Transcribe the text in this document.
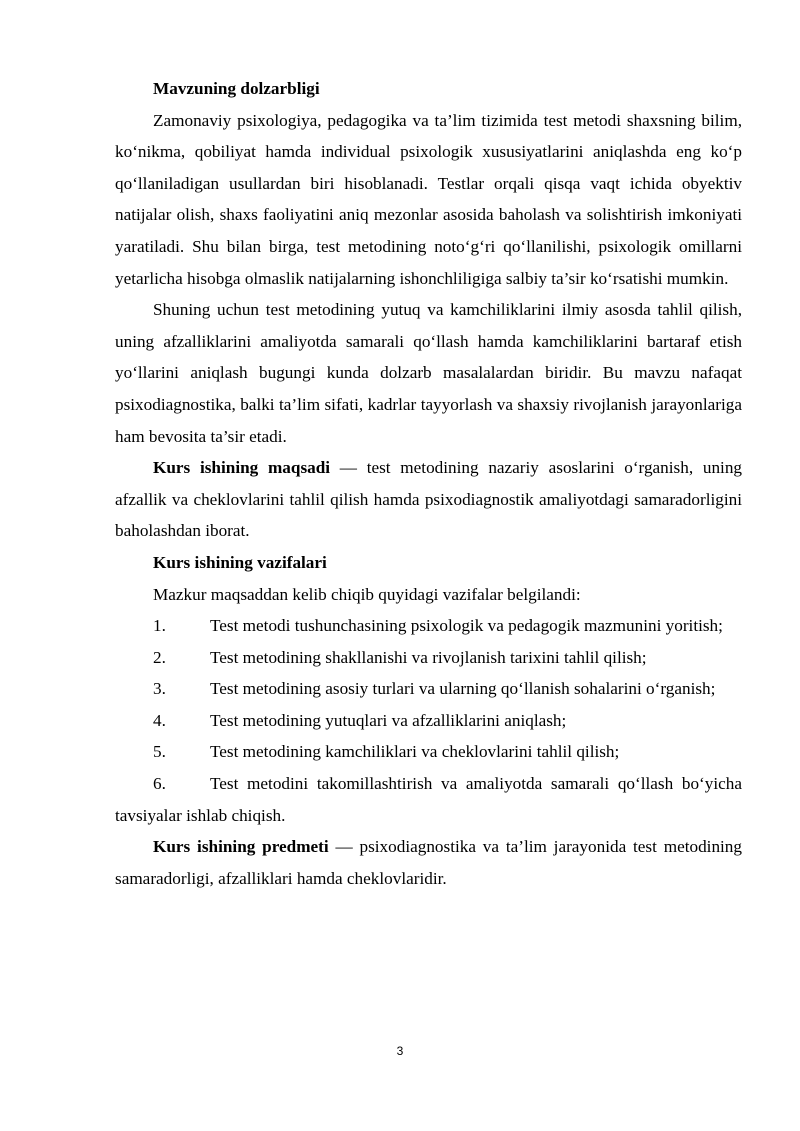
Mavzuning dolzarbligi

Zamonaviy psixologiya, pedagogika va ta’lim tizimida test metodi shaxsning bilim, ko‘nikma, qobiliyat hamda individual psixologik xususiyatlarini aniqlashda eng ko‘p qo‘llaniladigan usullardan biri hisoblanadi. Testlar orqali qisqa vaqt ichida obyektiv natijalar olish, shaxs faoliyatini aniq mezonlar asosida baholash va solishtirish imkoniyati yaratiladi. Shu bilan birga, test metodining noto‘g‘ri qo‘llanilishi, psixologik omillarni yetarlicha hisobga olmaslik natijalarning ishonchliligiga salbiy ta’sir ko‘rsatishi mumkin.

Shuning uchun test metodining yutuq va kamchiliklarini ilmiy asosda tahlil qilish, uning afzalliklarini amaliyotda samarali qo‘llash hamda kamchiliklarini bartaraf etish yo‘llarini aniqlash bugungi kunda dolzarb masalalardan biridir. Bu mavzu nafaqat psixodiagnostika, balki ta’lim sifati, kadrlar tayyorlash va shaxsiy rivojlanish jarayonlariga ham bevosita ta’sir etadi.

Kurs ishining maqsadi — test metodining nazariy asoslarini o‘rganish, uning afzallik va cheklovlarini tahlil qilish hamda psixodiagnostik amaliyotdagi samaradorligini baholashdan iborat.

Kurs ishining vazifalari

Mazkur maqsaddan kelib chiqib quyidagi vazifalar belgilandi:

1.	Test metodi tushunchasining psixologik va pedagogik mazmunini yoritish;

2.	Test metodining shakllanishi va rivojlanish tarixini tahlil qilish;

3.	Test metodining asosiy turlari va ularning qo‘llanish sohalarini o‘rganish;

4.	Test metodining yutuqlari va afzalliklarini aniqlash;

5.	Test metodining kamchiliklari va cheklovlarini tahlil qilish;

6.	Test metodini takomillashtirish va amaliyotda samarali qo‘llash bo‘yicha tavsiyalar ishlab chiqish.

Kurs ishining predmeti — psixodiagnostika va ta’lim jarayonida test metodining samaradorligi, afzalliklari hamda cheklovlaridir.

3
